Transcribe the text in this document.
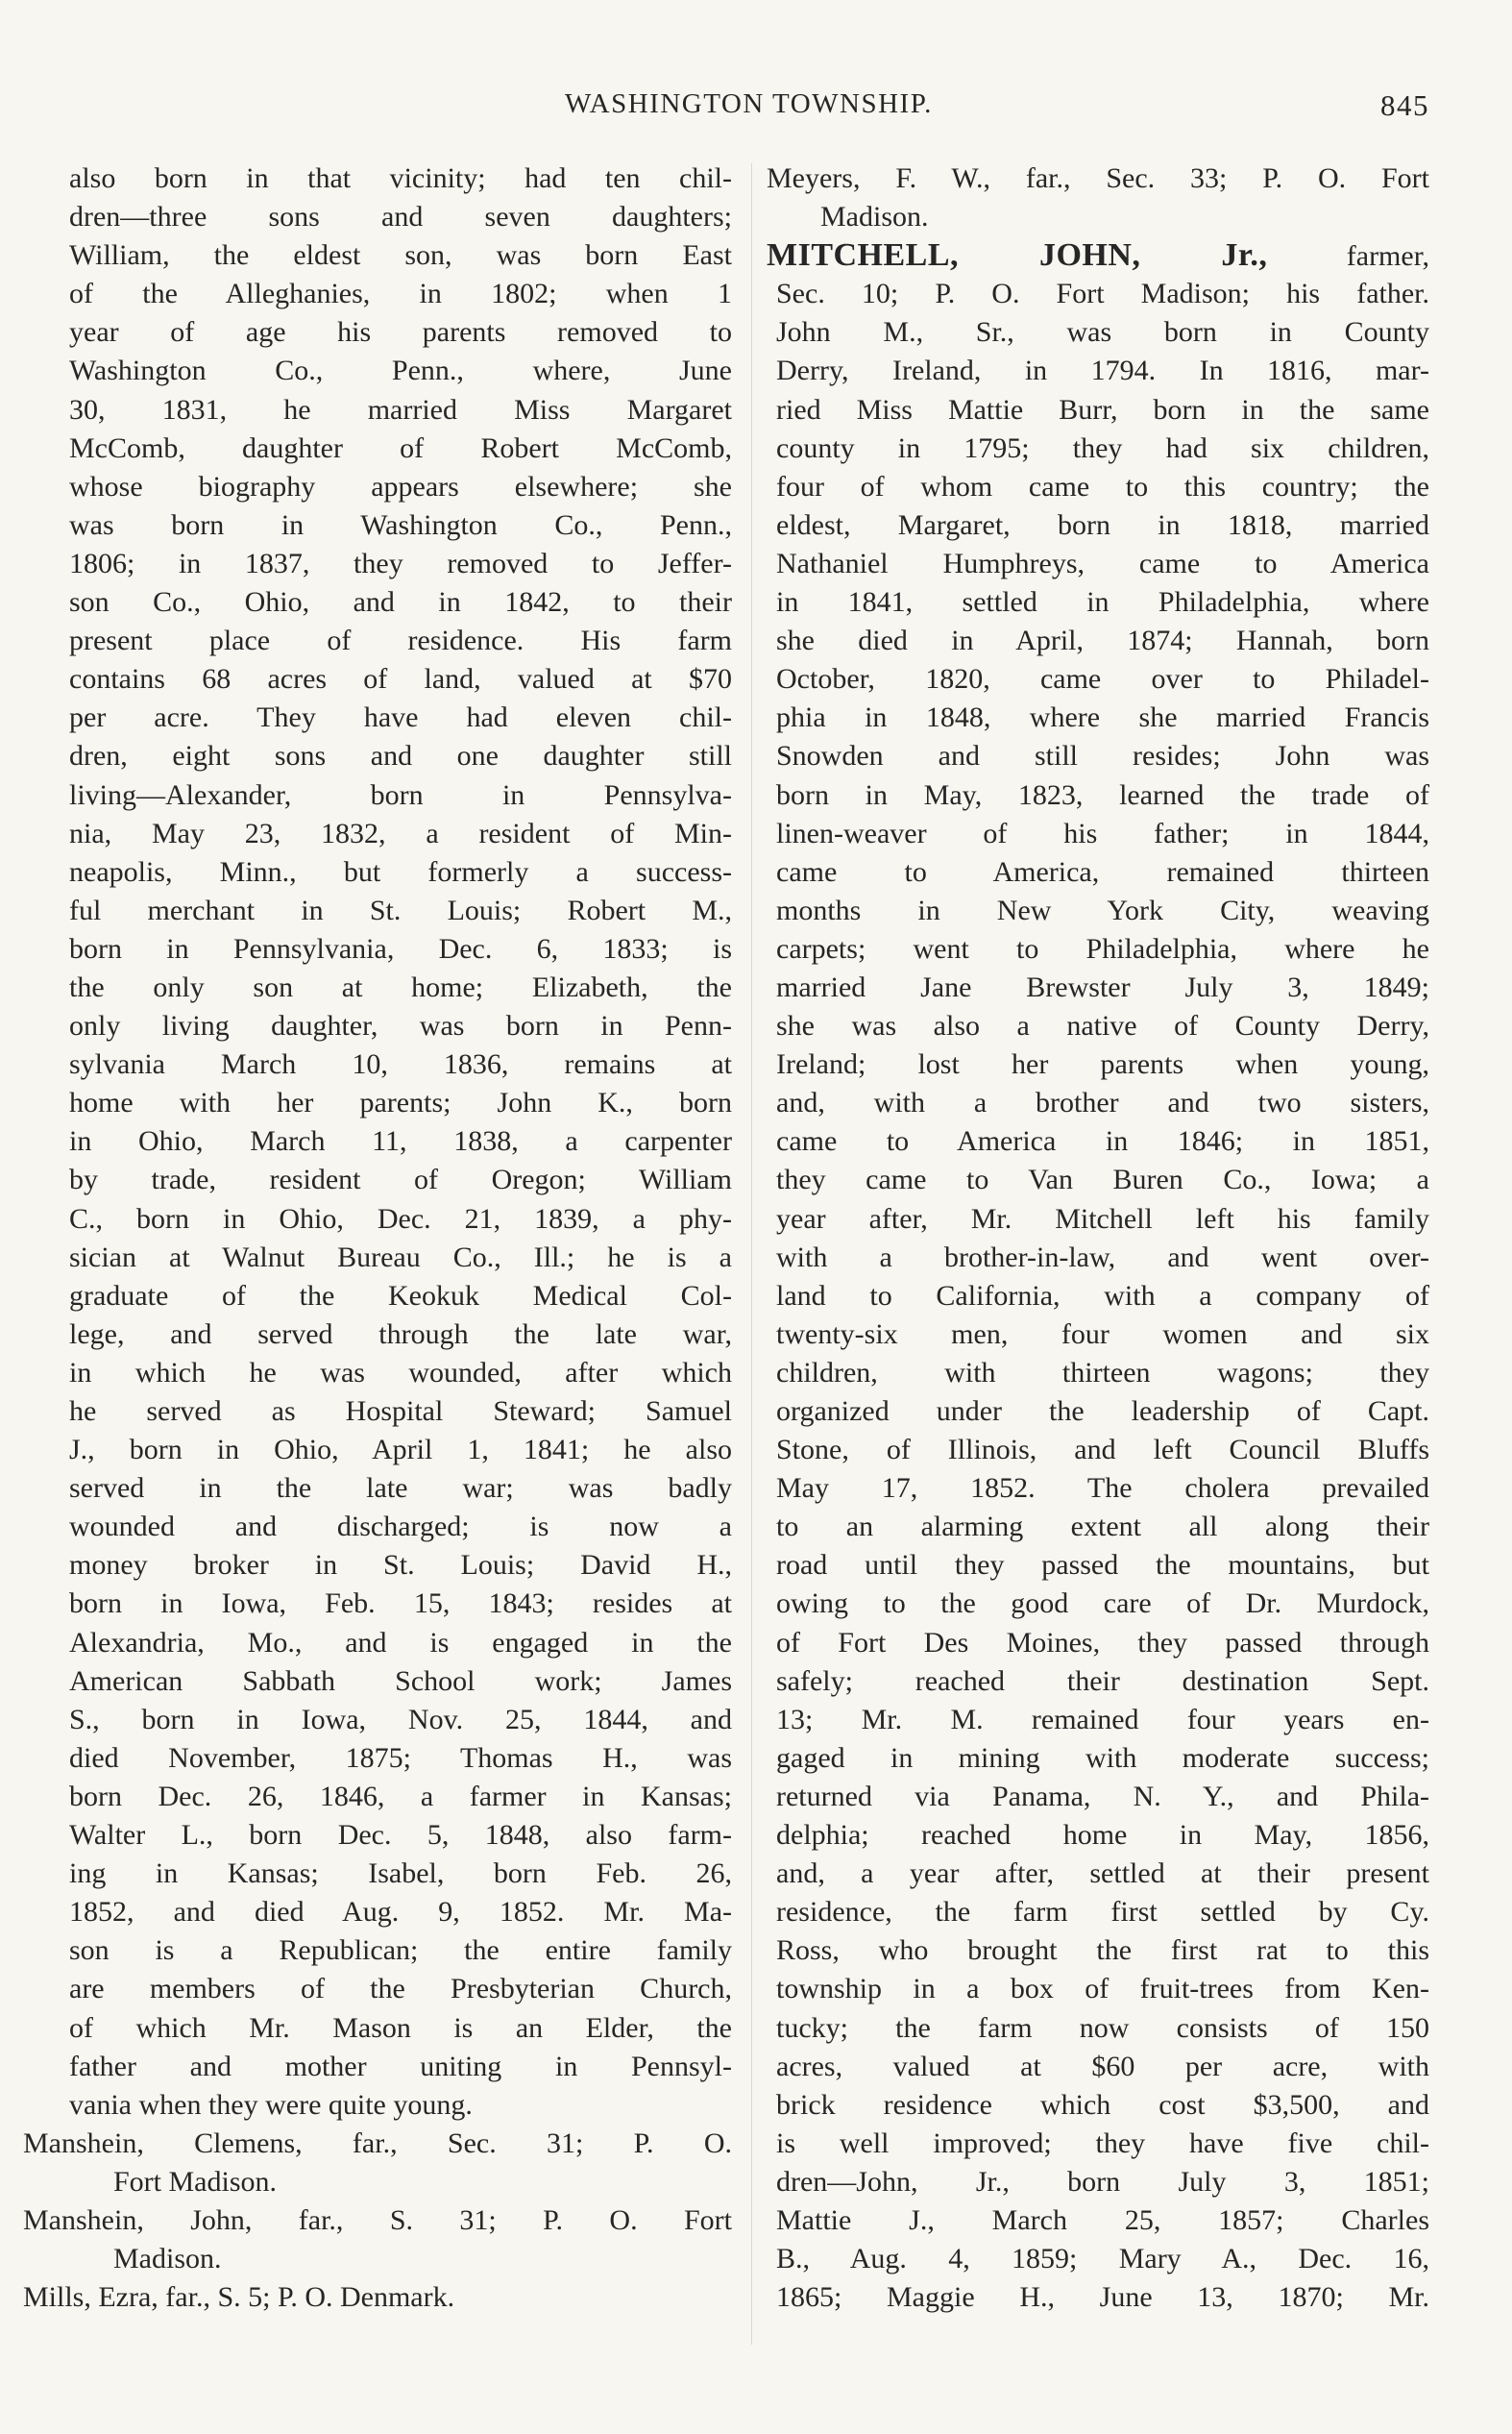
WASHINGTON TOWNSHIP.	845
also born in that vicinity; had ten chil-
dren—three sons and seven daughters;
William, the eldest son, was born East
of the Alleghanies, in 1802; when 1
year of age his parents removed to
Washington Co., Penn., where, June
30, 1831, he married Miss Margaret
McComb, daughter of Robert McComb,
whose biography appears elsewhere; she
was born in Washington Co., Penn.,
1806; in 1837, they removed to Jeffer-
son Co., Ohio, and in 1842, to their
present place of residence. His farm
contains 68 acres of land, valued at $70
per acre. They have had eleven chil-
dren, eight sons and one daughter still
living—Alexander, born in Pennsylva-
nia, May 23, 1832, a resident of Min-
neapolis, Minn., but formerly a success-
ful merchant in St. Louis; Robert M.,
born in Pennsylvania, Dec. 6, 1833; is
the only son at home; Elizabeth, the
only living daughter, was born in Penn-
sylvania March 10, 1836, remains at
home with her parents; John K., born
in Ohio, March 11, 1838, a carpenter
by trade, resident of Oregon; William
C., born in Ohio, Dec. 21, 1839, a phy-
sician at Walnut Bureau Co., Ill.; he is a
graduate of the Keokuk Medical Col-
lege, and served through the late war,
in which he was wounded, after which
he served as Hospital Steward; Samuel
J., born in Ohio, April 1, 1841; he also
served in the late war; was badly
wounded and discharged; is now a
money broker in St. Louis; David H.,
born in Iowa, Feb. 15, 1843; resides at
Alexandria, Mo., and is engaged in the
American Sabbath School work; James
S., born in Iowa, Nov. 25, 1844, and
died November, 1875; Thomas H., was
born Dec. 26, 1846, a farmer in Kansas;
Walter L., born Dec. 5, 1848, also farm-
ing in Kansas; Isabel, born Feb. 26,
1852, and died Aug. 9, 1852. Mr. Ma-
son is a Republican; the entire family
are members of the Presbyterian Church,
of which Mr. Mason is an Elder, the
father and mother uniting in Pennsyl-
vania when they were quite young.
Manshein, Clemens, far., Sec. 31; P. O.
Fort Madison.
Manshein, John, far., S. 31; P. O. Fort
Madison.
Mills, Ezra, far., S. 5; P. O. Denmark.
Meyers, F. W., far., Sec. 33; P. O. Fort
Madison.
MITCHELL, JOHN, Jr., farmer,
Sec. 10; P. O. Fort Madison; his father.
John M., Sr., was born in County
Derry, Ireland, in 1794. In 1816, mar-
ried Miss Mattie Burr, born in the same
county in 1795; they had six children,
four of whom came to this country; the
eldest, Margaret, born in 1818, married
Nathaniel Humphreys, came to America
in 1841, settled in Philadelphia, where
she died in April, 1874; Hannah, born
October, 1820, came over to Philadel-
phia in 1848, where she married Francis
Snowden and still resides; John was
born in May, 1823, learned the trade of
linen-weaver of his father; in 1844,
came to America, remained thirteen
months in New York City, weaving
carpets; went to Philadelphia, where he
married Jane Brewster July 3, 1849;
she was also a native of County Derry,
Ireland; lost her parents when young,
and, with a brother and two sisters,
came to America in 1846; in 1851,
they came to Van Buren Co., Iowa; a
year after, Mr. Mitchell left his family
with a brother-in-law, and went over-
land to California, with a company of
twenty-six men, four women and six
children, with thirteen wagons; they
organized under the leadership of Capt.
Stone, of Illinois, and left Council Bluffs
May 17, 1852. The cholera prevailed
to an alarming extent all along their
road until they passed the mountains, but
owing to the good care of Dr. Murdock,
of Fort Des Moines, they passed through
safely; reached their destination Sept.
13; Mr. M. remained four years en-
gaged in mining with moderate success;
returned via Panama, N. Y., and Phila-
delphia; reached home in May, 1856,
and, a year after, settled at their present
residence, the farm first settled by Cy.
Ross, who brought the first rat to this
township in a box of fruit-trees from Ken-
tucky; the farm now consists of 150
acres, valued at $60 per acre, with
brick residence which cost $3,500, and
is well improved; they have five chil-
dren—John, Jr., born July 3, 1851;
Mattie J., March 25, 1857; Charles
B., Aug. 4, 1859; Mary A., Dec. 16,
1865; Maggie H., June 13, 1870; Mr.
